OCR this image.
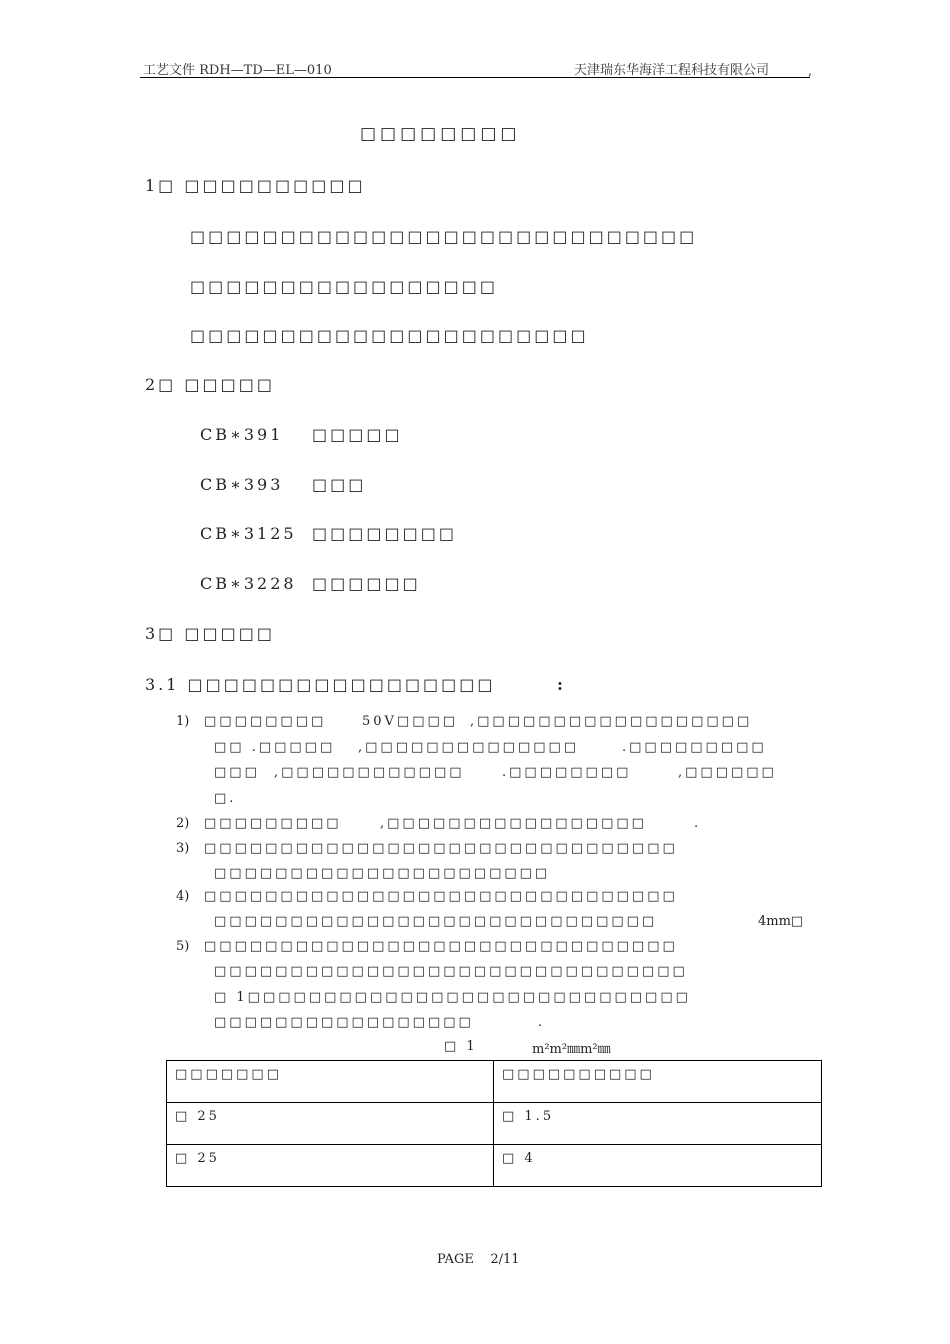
工艺文件 RDH—TD—EL—010	天津瑞东华海洋工程科技有限公司	,
□□□□□□□□
1□ □□□□□□□□□□
□□□□□□□□□□□□□□□□□□□□□□□□□□□□
□□□□□□□□□□□□□□□□□
□□□□□□□□□□□□□□□□□□□□□□
2□ □□□□□
CB∗391 □□□□□
CB∗393 □□□
CB∗3125 □□□□□□□□
CB∗3228 □□□□□□
3□ □□□□□
3.1 □□□□□□□□□□□□□□□□□	:
1) □□□□□□□□	50V□□□□ ,□□□□□□□□□□□□□□□□□□
□□ .□□□□□ ,□□□□□□□□□□□□□□	.□□□□□□□□□
□□□ ,□□□□□□□□□□□□	.□□□□□□□□	,□□□□□□
□.
2) □□□□□□□□□	,□□□□□□□□□□□□□□□□□	.
3) □□□□□□□□□□□□□□□□□□□□□□□□□□□□□□□
□□□□□□□□□□□□□□□□□□□□□□
4) □□□□□□□□□□□□□□□□□□□□□□□□□□□□□□□
□□□□□□□□□□□□□□□□□□□□□□□□□□□□□	4mm□
5) □□□□□□□□□□□□□□□□□□□□□□□□□□□□□□□
□□□□□□□□□□□□□□□□□□□□□□□□□□□□□□□
□ 1□□□□□□□□□□□□□□□□□□□□□□□□□□□□□
□□□□□□□□□□□□□□□□□	.
□ 1	m²m²㎜m²㎜
□□□□□□□	□□□□□□□□□□
□ 25	□ 1.5
□ 25	□ 4
PAGE    2/11
